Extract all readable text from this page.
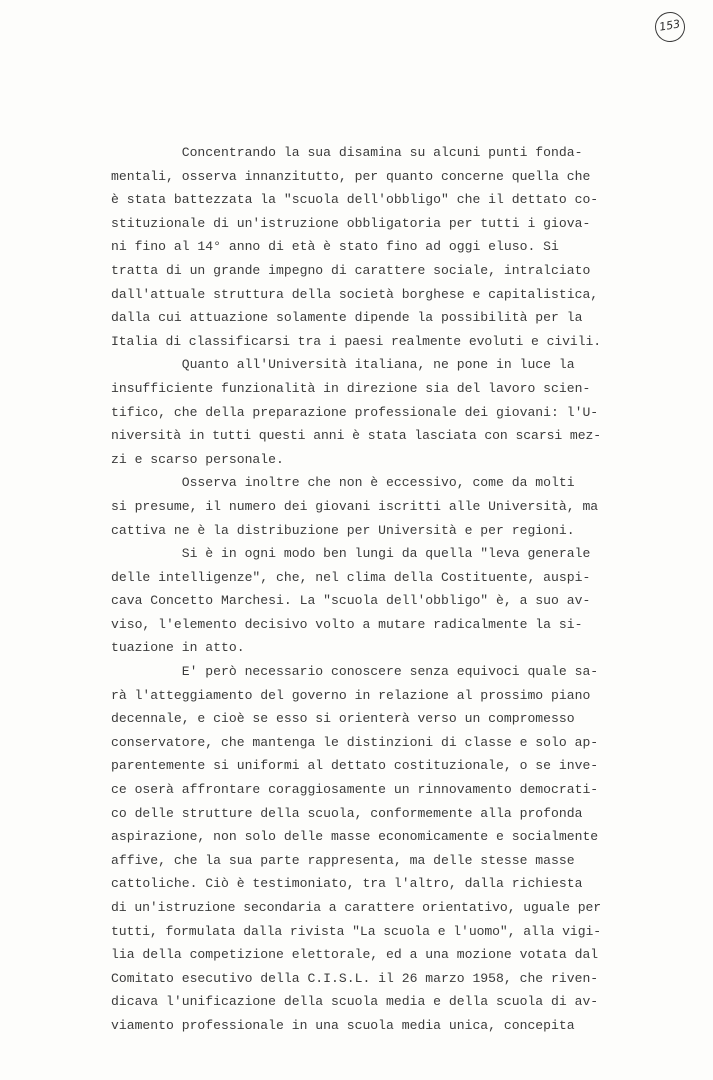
153
Concentrando la sua disamina su alcuni punti fonda-
mentali, osserva innanzitutto, per quanto concerne quella che
è stata battezzata la "scuola dell'obbligo" che il dettato co-
stituzionale di un'istruzione obbligatoria per tutti i giova-
ni fino al 14° anno di età è stato fino ad oggi eluso. Si
tratta di un grande impegno di carattere sociale, intralciato
dall'attuale struttura della società borghese e capitalistica,
dalla cui attuazione solamente dipende la possibilità per la
Italia di classificarsi tra i paesi realmente evoluti e civili.
Quanto all'Università italiana, ne pone in luce la
insufficiente funzionalità in direzione sia del lavoro scien-
tifico, che della preparazione professionale dei giovani: l'U-
niversità in tutti questi anni è stata lasciata con scarsi mez-
zi e scarso personale.
Osserva inoltre che non è eccessivo, come da molti
si presume, il numero dei giovani iscritti alle Università, ma
cattiva ne è la distribuzione per Università e per regioni.
Si è in ogni modo ben lungi da quella "leva generale
delle intelligenze", che, nel clima della Costituente, auspi-
cava Concetto Marchesi. La "scuola dell'obbligo" è, a suo av-
viso, l'elemento decisivo volto a mutare radicalmente la si-
tuazione in atto.
E' però necessario conoscere senza equivoci quale sa-
rà l'atteggiamento del governo in relazione al prossimo piano
decennale, e cioè se esso si orienterà verso un compromesso
conservatore, che mantenga le distinzioni di classe e solo ap-
parentemente si uniformi al dettato costituzionale, o se inve-
ce oserà affrontare coraggiosamente un rinnovamento democrati-
co delle strutture della scuola, conformemente alla profonda
aspirazione, non solo delle masse economicamente e socialmente
affive, che la sua parte rappresenta, ma delle stesse masse
cattoliche. Ciò è testimoniato, tra l'altro, dalla richiesta
di un'istruzione secondaria a carattere orientativo, uguale per
tutti, formulata dalla rivista "La scuola e l'uomo", alla vigi-
lia della competizione elettorale, ed a una mozione votata dal
Comitato esecutivo della C.I.S.L. il 26 marzo 1958, che riven-
dicava l'unificazione della scuola media e della scuola di av-
viamento professionale in una scuola media unica, concepita
